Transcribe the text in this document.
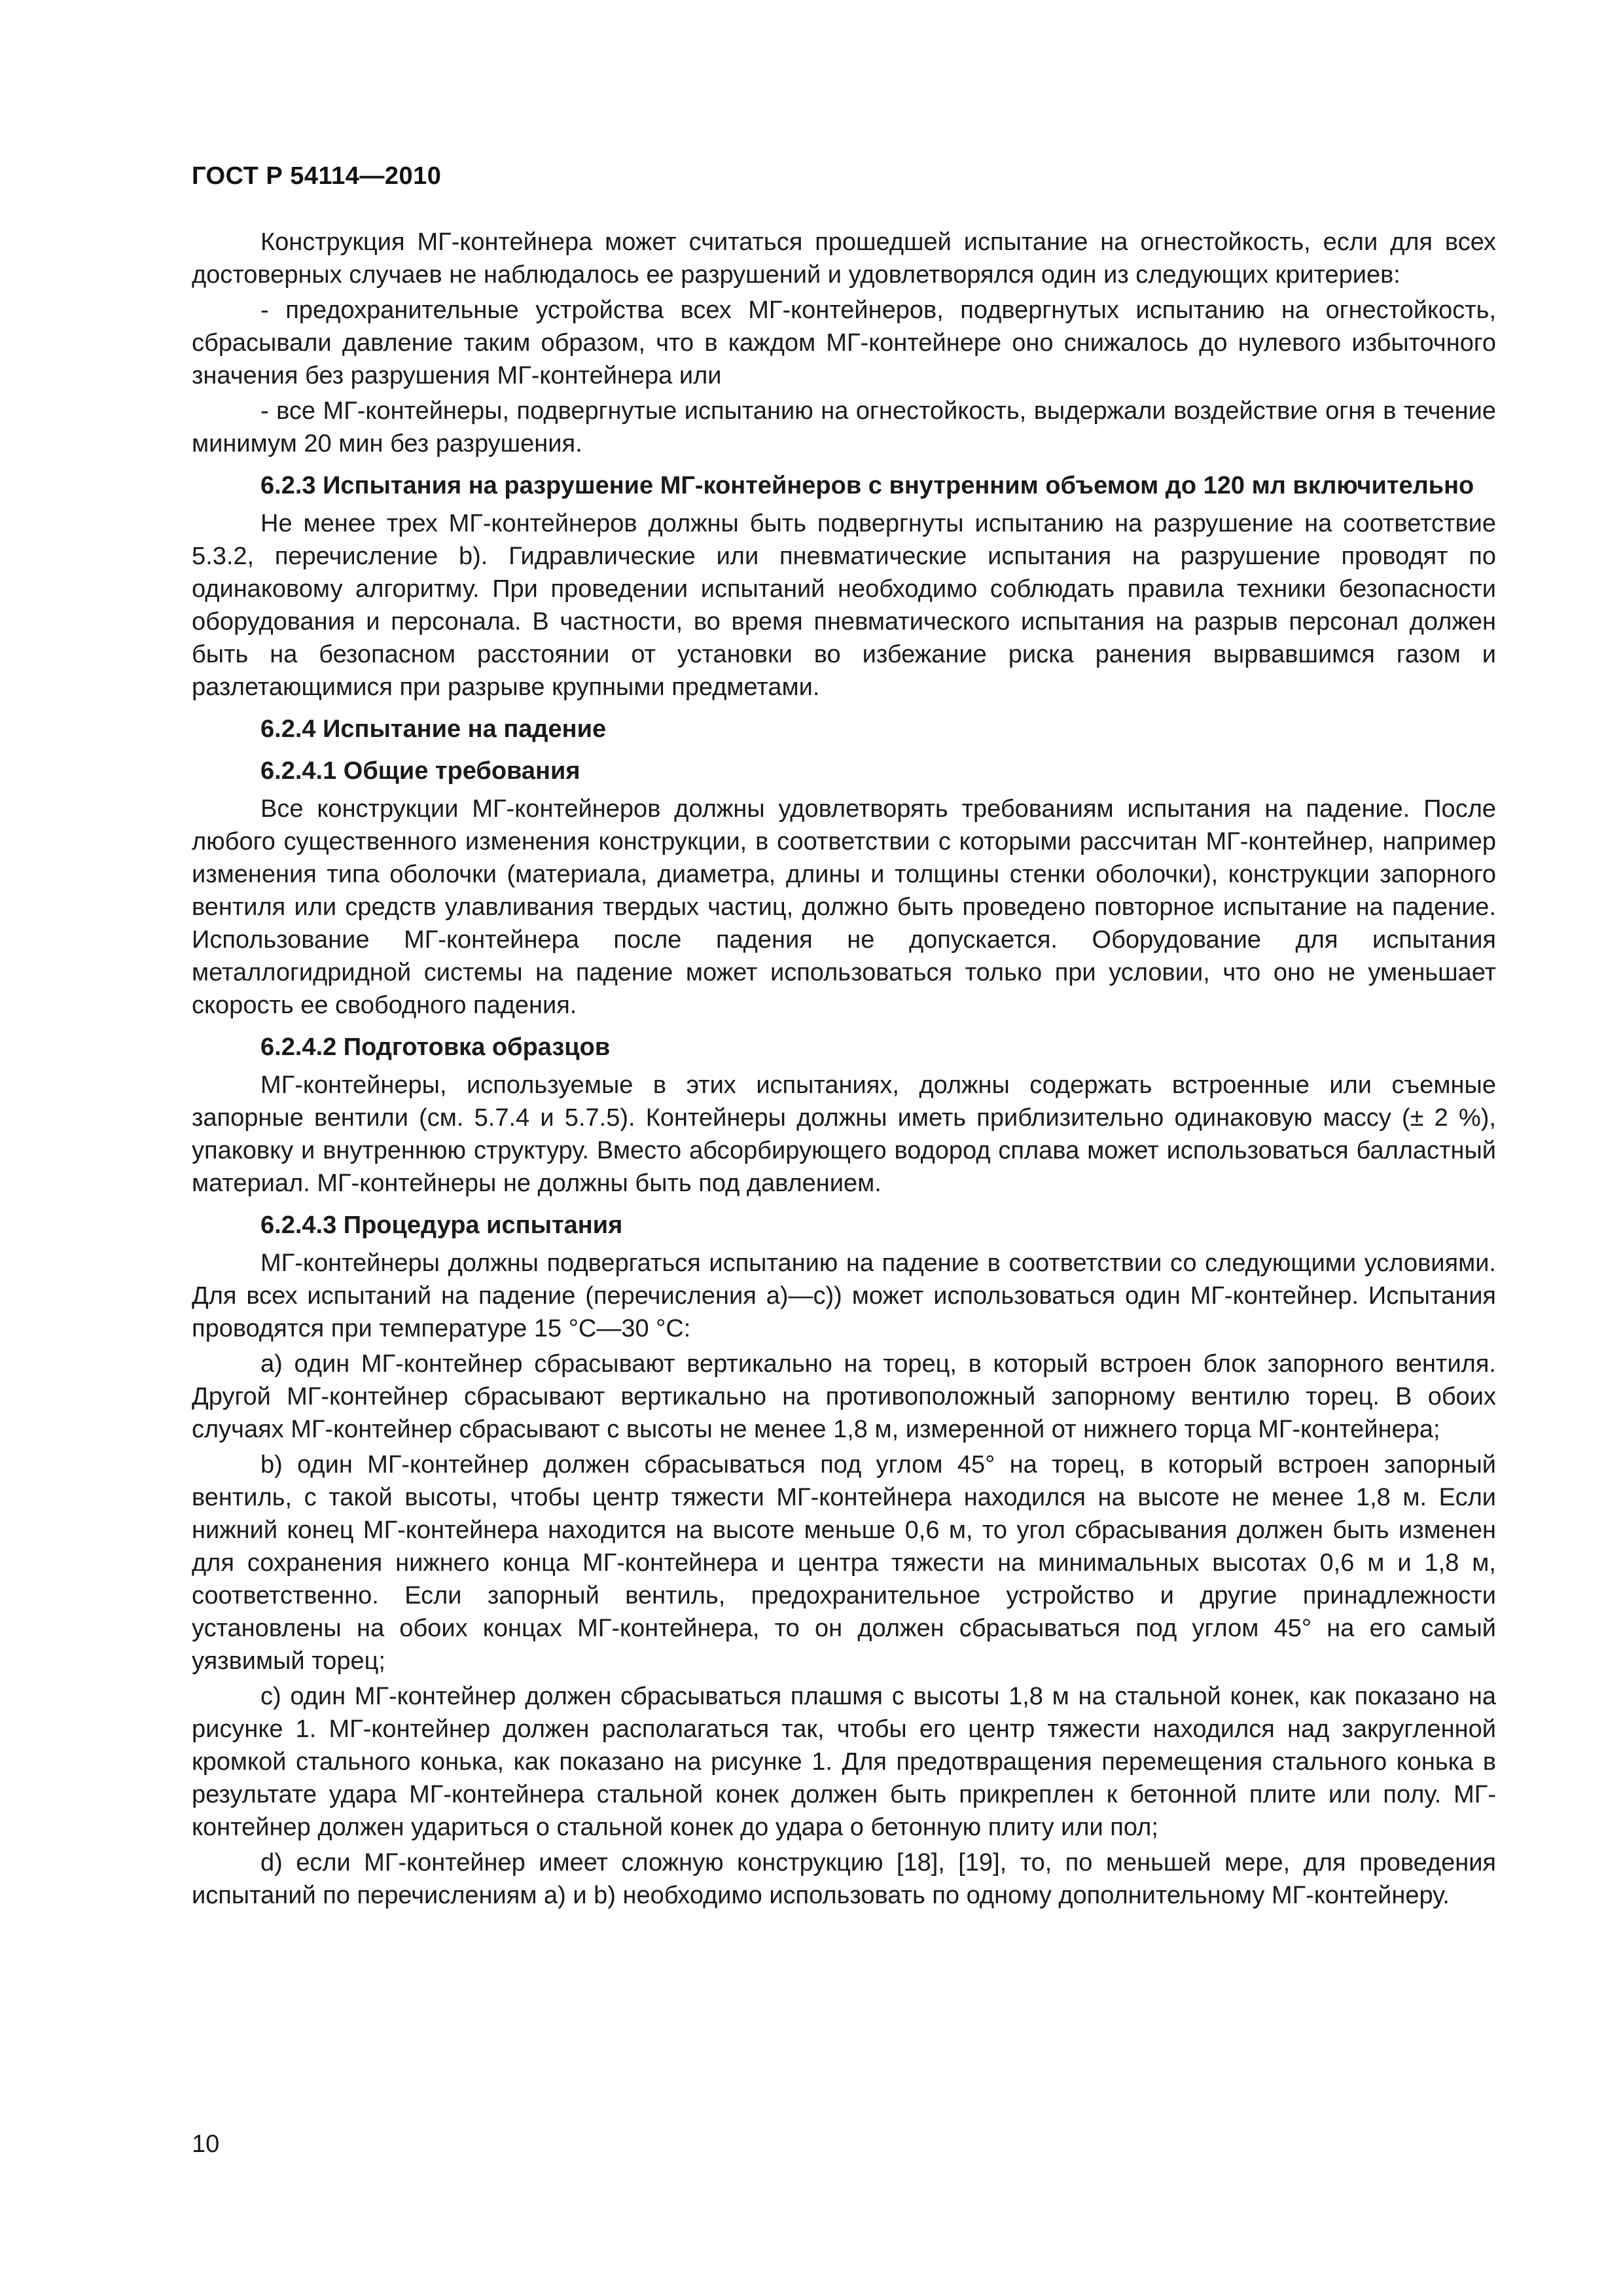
ГОСТ Р 54114—2010

Конструкция МГ-контейнера может считаться прошедшей испытание на огнестойкость, если для всех достоверных случаев не наблюдалось ее разрушений и удовлетворялся один из следующих критериев:

- предохранительные устройства всех МГ-контейнеров, подвергнутых испытанию на огнестойкость, сбрасывали давление таким образом, что в каждом МГ-контейнере оно снижалось до нулевого избыточного значения без разрушения МГ-контейнера или

- все МГ-контейнеры, подвергнутые испытанию на огнестойкость, выдержали воздействие огня в течение минимум 20 мин без разрушения.

6.2.3 Испытания на разрушение МГ-контейнеров с внутренним объемом до 120 мл включительно

Не менее трех МГ-контейнеров должны быть подвергнуты испытанию на разрушение на соответствие 5.3.2, перечисление b). Гидравлические или пневматические испытания на разрушение проводят по одинаковому алгоритму. При проведении испытаний необходимо соблюдать правила техники безопасности оборудования и персонала. В частности, во время пневматического испытания на разрыв персонал должен быть на безопасном расстоянии от установки во избежание риска ранения вырвавшимся газом и разлетающимися при разрыве крупными предметами.

6.2.4 Испытание на падение

6.2.4.1 Общие требования

Все конструкции МГ-контейнеров должны удовлетворять требованиям испытания на падение. После любого существенного изменения конструкции, в соответствии с которыми рассчитан МГ-контейнер, например изменения типа оболочки (материала, диаметра, длины и толщины стенки оболочки), конструкции запорного вентиля или средств улавливания твердых частиц, должно быть проведено повторное испытание на падение. Использование МГ-контейнера после падения не допускается. Оборудование для испытания металлогидридной системы на падение может использоваться только при условии, что оно не уменьшает скорость ее свободного падения.

6.2.4.2 Подготовка образцов

МГ-контейнеры, используемые в этих испытаниях, должны содержать встроенные или съемные запорные вентили (см. 5.7.4 и 5.7.5). Контейнеры должны иметь приблизительно одинаковую массу (± 2 %), упаковку и внутреннюю структуру. Вместо абсорбирующего водород сплава может использоваться балластный материал. МГ-контейнеры не должны быть под давлением.

6.2.4.3 Процедура испытания

МГ-контейнеры должны подвергаться испытанию на падение в соответствии со следующими условиями. Для всех испытаний на падение (перечисления а)—c)) может использоваться один МГ-контейнер. Испытания проводятся при температуре 15 °С—30 °С:

а) один МГ-контейнер сбрасывают вертикально на торец, в который встроен блок запорного вентиля. Другой МГ-контейнер сбрасывают вертикально на противоположный запорному вентилю торец. В обоих случаях МГ-контейнер сбрасывают с высоты не менее 1,8 м, измеренной от нижнего торца МГ-контейнера;

b) один МГ-контейнер должен сбрасываться под углом 45° на торец, в который встроен запорный вентиль, с такой высоты, чтобы центр тяжести МГ-контейнера находился на высоте не менее 1,8 м. Если нижний конец МГ-контейнера находится на высоте меньше 0,6 м, то угол сбрасывания должен быть изменен для сохранения нижнего конца МГ-контейнера и центра тяжести на минимальных высотах 0,6 м и 1,8 м, соответственно. Если запорный вентиль, предохранительное устройство и другие принадлежности установлены на обоих концах МГ-контейнера, то он должен сбрасываться под углом 45° на его самый уязвимый торец;

c) один МГ-контейнер должен сбрасываться плашмя с высоты 1,8 м на стальной конек, как показано на рисунке 1. МГ-контейнер должен располагаться так, чтобы его центр тяжести находился над закругленной кромкой стального конька, как показано на рисунке 1. Для предотвращения перемещения стального конька в результате удара МГ-контейнера стальной конек должен быть прикреплен к бетонной плите или полу. МГ-контейнер должен удариться о стальной конек до удара о бетонную плиту или пол;

d) если МГ-контейнер имеет сложную конструкцию [18], [19], то, по меньшей мере, для проведения испытаний по перечислениям а) и b) необходимо использовать по одному дополнительному МГ-контейнеру.

10
